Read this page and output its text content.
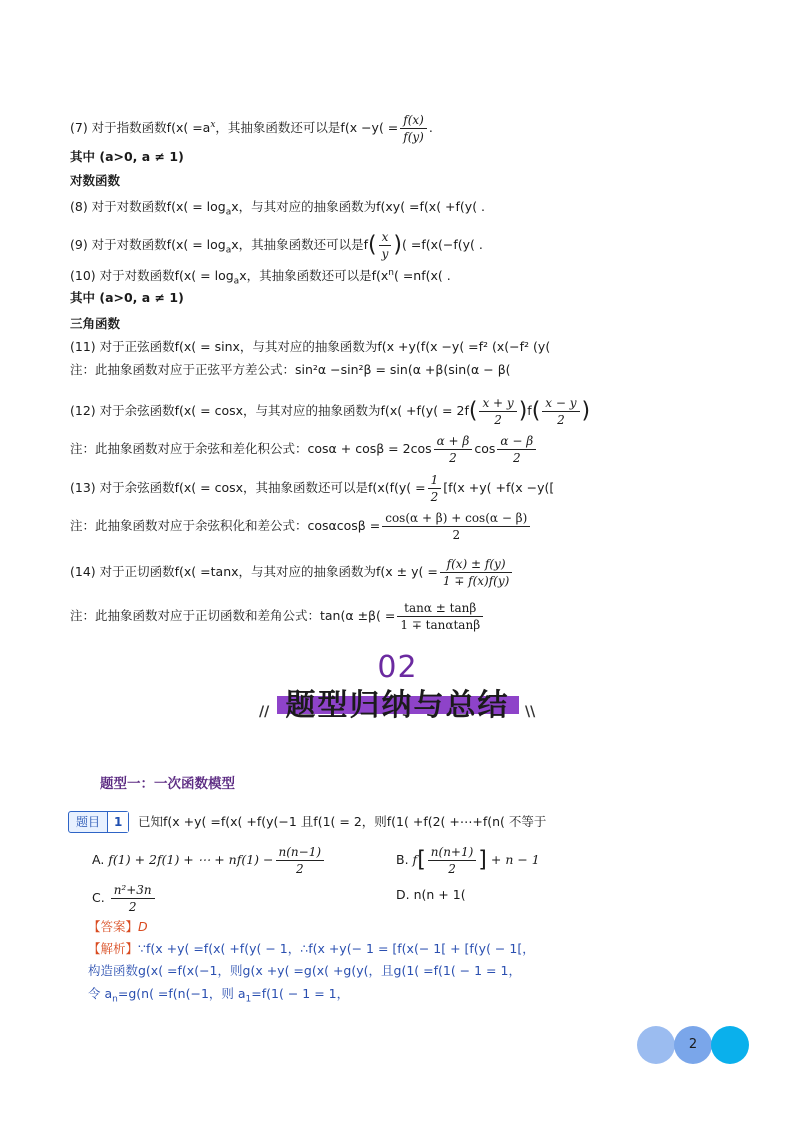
(7) 对于指数函数$f(x( =a^x$，其抽象函数还可以是$f(x -y( = \frac{f(x)}{f(y)}$ .
其中 (a>0, a ≠ 1)
对数函数
(8) 对于对数函数$f(x( = \log_ax$，与其对应的抽象函数为f(xy( =f(x( +f(y( .
(9) 对于对数函数$f(x( = \log_ax$，其抽象函数还可以是$f( \frac{x}{y}$ )( =f(x(−f(y( .
(10) 对于对数函数$f(x( = \log_ax$，其抽象函数还可以是$f(x^n( =nf(x$( .
其中 (a>0, a ≠ 1)
三角函数
(11) 对于正弦函数f(x( = sinx，与其对应的抽象函数为f(x +y(f(x −y( =f² (x(−f² (y(
注：此抽象函数对应于正弦平方差公式：sin²α −sin²β = sin(α +β(sin(α − β(
(12) 对于余弦函数f(x( = cosx，与其对应的抽象函数为$f(x( +f(y( = 2f( \frac{x + y}{2} )f( \frac{x - y}{2}$ )
注：此抽象函数对应于余弦和差化积公式：$\cos\alpha + \cos\beta = 2\cos \frac{\alpha + \beta}{2}$ $\cos \frac{\alpha - \beta}{2}$
(13) 对于余弦函数f(x( = cosx，其抽象函数还可以是$f(x(f(y( = \frac{1}{2} [f(x +y( +f(x -y$([
注：此抽象函数对应于余弦积化和差公式：$\cos\alpha\cos\beta = \frac{\cos(\alpha + \beta) + \cos(\alpha - \beta)}{2}$
(14) 对于正切函数f(x( =tanx，与其对应的抽象函数为$f(x \pm y( = \frac{f(x) \pm f(y)}{1 \mp f(x)f(y)}$
注：此抽象函数对应于正切函数和差角公式：$\tan(\alpha \pm\beta( = \frac{\tan\alpha \pm \tan\beta}{1 \mp \tan\alpha\tan\beta}$
02
题型归纳与总结
//	\\
题型一：一次函数模型
题目	1	已知f(x +y( =f(x( +f(y(−1 且f(1( = 2，则f(1( +f(2( +⋯+f(n( 不等于
A. f(1) + 2f(1) + ⋯ + $nf(1) - \frac{n(n-1)}{2}$	B. $f[ \frac{n(n+1)}{2}$ ] + n − 1
C. $\frac{\text{n²+3n}}{2}$	D. n(n + 1(
【答案】D
【解析】∵f(x +y( =f(x( +f(y( − 1，∴f(x +y(− 1 = [f(x(− 1[ + [f(y( − 1[，
构造函数g(x( =f(x(−1，则g(x +y( =g(x( +g(y(，且g(1( =f(1( − 1 = 1，
令 $a_n=g(n( =f(n(-1$，则 $a_1=f(1( - 1 = 1$，
2
